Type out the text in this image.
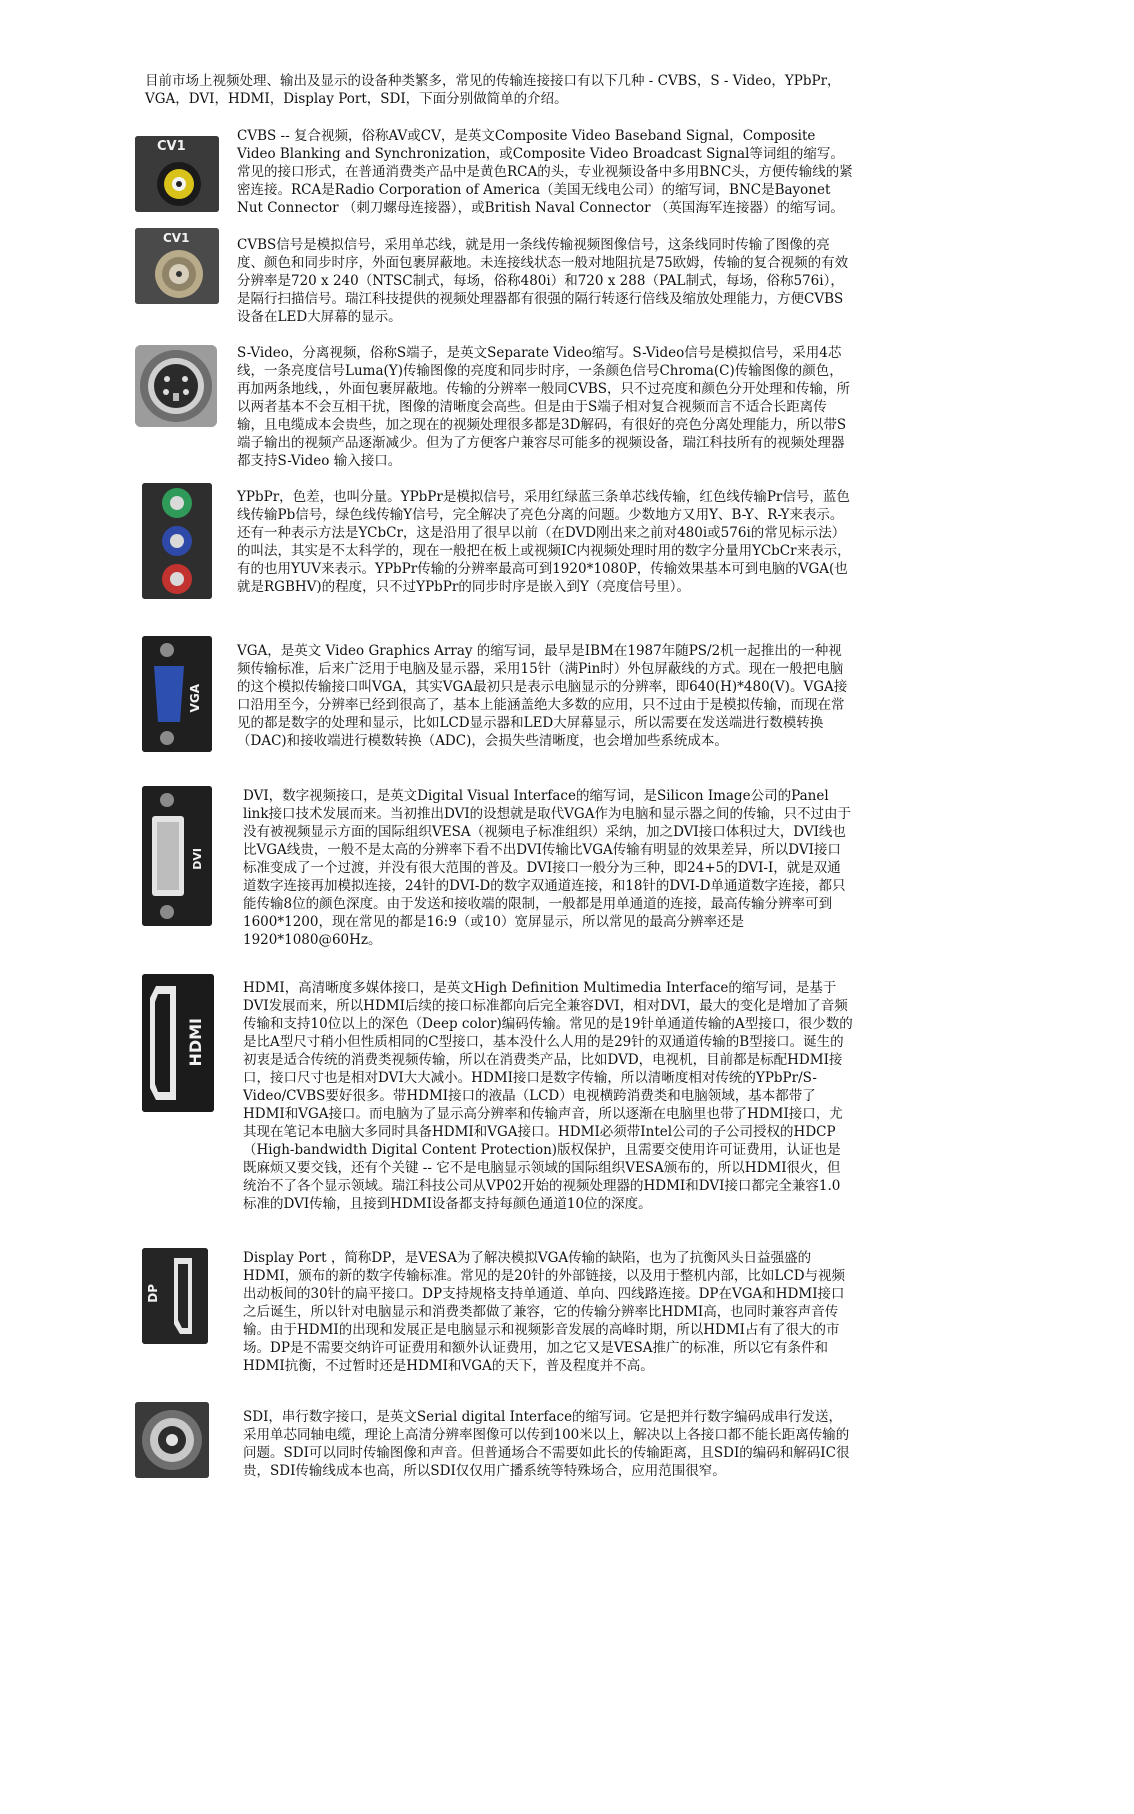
目前市场上视频处理、输出及显示的设备种类繁多，常见的传输连接接口有以下几种 - CVBS，S - Video，YPbPr，VGA，DVI，HDMI，Display Port，SDI，下面分别做简单的介绍。

CV1
CV1

CVBS -- 复合视频，俗称AV或CV，是英文Composite Video Baseband Signal，Composite Video Blanking and Synchronization，或Composite Video Broadcast Signal等词组的缩写。常见的接口形式，在普通消费类产品中是黄色RCA的头，专业视频设备中多用BNC头，方便传输线的紧密连接。RCA是Radio Corporation of America（美国无线电公司）的缩写词，BNC是Bayonet Nut Connector （刺刀螺母连接器），或British Naval Connector （英国海军连接器）的缩写词。

CVBS信号是模拟信号，采用单芯线，就是用一条线传输视频图像信号，这条线同时传输了图像的亮度、颜色和同步时序，外面包裹屏蔽地。未连接线状态一般对地阻抗是75欧姆，传输的复合视频的有效分辨率是720 x 240（NTSC制式，每场，俗称480i）和720 x 288（PAL制式，每场，俗称576i），是隔行扫描信号。瑞江科技提供的视频处理器都有很强的隔行转逐行倍线及缩放处理能力，方便CVBS设备在LED大屏幕的显示。

S-Video，分离视频，俗称S端子，是英文Separate Video缩写。S-Video信号是模拟信号，采用4芯线，一条亮度信号Luma(Y)传输图像的亮度和同步时序，一条颜色信号Chroma(C)传输图像的颜色，再加两条地线，，外面包裹屏蔽地。传输的分辨率一般同CVBS，只不过亮度和颜色分开处理和传输，所以两者基本不会互相干扰，图像的清晰度会高些。但是由于S端子相对复合视频而言不适合长距离传输，且电缆成本会贵些，加之现在的视频处理很多都是3D解码，有很好的亮色分离处理能力，所以带S端子输出的视频产品逐渐减少。但为了方便客户兼容尽可能多的视频设备，瑞江科技所有的视频处理器都支持S-Video 输入接口。

YPbPr，色差，也叫分量。YPbPr是模拟信号，采用红绿蓝三条单芯线传输，红色线传输Pr信号，蓝色线传输Pb信号，绿色线传输Y信号，完全解决了亮色分离的问题。少数地方又用Y、B-Y、R-Y来表示。还有一种表示方法是YCbCr，这是沿用了很早以前（在DVD刚出来之前对480i或576i的常见标示法）的叫法，其实是不太科学的，现在一般把在板上或视频IC内视频处理时用的数字分量用YCbCr来表示，有的也用YUV来表示。YPbPr传输的分辨率最高可到1920*1080P，传输效果基本可到电脑的VGA(也就是RGBHV)的程度，只不过YPbPr的同步时序是嵌入到Y（亮度信号里）。

VGA

VGA，是英文 Video Graphics Array 的缩写词，最早是IBM在1987年随PS/2机一起推出的一种视频传输标准，后来广泛用于电脑及显示器，采用15针（满Pin时）外包屏蔽线的方式。现在一般把电脑的这个模拟传输接口叫VGA，其实VGA最初只是表示电脑显示的分辨率，即640(H)*480(V)。VGA接口沿用至今，分辨率已经到很高了，基本上能涵盖绝大多数的应用，只不过由于是模拟传输，而现在常见的都是数字的处理和显示，比如LCD显示器和LED大屏幕显示，所以需要在发送端进行数模转换（DAC)和接收端进行模数转换（ADC)，会损失些清晰度，也会增加些系统成本。

DVI

DVI，数字视频接口，是英文Digital Visual Interface的缩写词，是Silicon Image公司的Panel link接口技术发展而来。当初推出DVI的设想就是取代VGA作为电脑和显示器之间的传输，只不过由于没有被视频显示方面的国际组织VESA（视频电子标准组织）采纳，加之DVI接口体积过大，DVI线也比VGA线贵，一般不是太高的分辨率下看不出DVI传输比VGA传输有明显的效果差异，所以DVI接口标准变成了一个过渡，并没有很大范围的普及。DVI接口一般分为三种，即24+5的DVI-I，就是双通道数字连接再加模拟连接，24针的DVI-D的数字双通道连接，和18针的DVI-D单通道数字连接，都只能传输8位的颜色深度。由于发送和接收端的限制，一般都是用单通道的连接，最高传输分辨率可到1600*1200，现在常见的都是16:9（或10）宽屏显示，所以常见的最高分辨率还是1920*1080@60Hz。

HDMI

HDMI，高清晰度多媒体接口，是英文High Definition Multimedia Interface的缩写词，是基于DVI发展而来，所以HDMI后续的接口标准都向后完全兼容DVI，相对DVI，最大的变化是增加了音频传输和支持10位以上的深色（Deep color)编码传输。常见的是19针单通道传输的A型接口，很少数的是比A型尺寸稍小但性质相同的C型接口，基本没什么人用的是29针的双通道传输的B型接口。诞生的初衷是适合传统的消费类视频传输，所以在消费类产品，比如DVD，电视机，目前都是标配HDMI接口，接口尺寸也是相对DVI大大减小。HDMI接口是数字传输，所以清晰度相对传统的YPbPr/S-Video/CVBS要好很多。带HDMI接口的液晶（LCD）电视横跨消费类和电脑领域，基本都带了HDMI和VGA接口。而电脑为了显示高分辨率和传输声音，所以逐渐在电脑里也带了HDMI接口，尤其现在笔记本电脑大多同时具备HDMI和VGA接口。HDMI必须带Intel公司的子公司授权的HDCP（High-bandwidth Digital Content Protection)版权保护，且需要交使用许可证费用，认证也是既麻烦又要交钱，还有个关键 -- 它不是电脑显示领域的国际组织VESA颁布的，所以HDMI很火，但统治不了各个显示领域。瑞江科技公司从VP02开始的视频处理器的HDMI和DVI接口都完全兼容1.0标准的DVI传输，且接到HDMI设备都支持每颜色通道10位的深度。

DP

Display Port ，简称DP，是VESA为了解决模拟VGA传输的缺陷，也为了抗衡风头日益强盛的HDMI，颁布的新的数字传输标准。常见的是20针的外部链接，以及用于整机内部，比如LCD与视频出动板间的30针的扁平接口。DP支持规格支持单通道、单向、四线路连接。DP在VGA和HDMI接口之后诞生，所以针对电脑显示和消费类都做了兼容，它的传输分辨率比HDMI高，也同时兼容声音传输。由于HDMI的出现和发展正是电脑显示和视频影音发展的高峰时期，所以HDMI占有了很大的市场。DP是不需要交纳许可证费用和额外认证费用，加之它又是VESA推广的标准，所以它有条件和HDMI抗衡，不过暂时还是HDMI和VGA的天下，普及程度并不高。

SDI，串行数字接口，是英文Serial digital Interface的缩写词。它是把并行数字编码成串行发送，采用单芯同轴电缆，理论上高清分辨率图像可以传到100米以上，解决以上各接口都不能长距离传输的问题。SDI可以同时传输图像和声音。但普通场合不需要如此长的传输距离，且SDI的编码和解码IC很贵，SDI传输线成本也高，所以SDI仅仅用广播系统等特殊场合，应用范围很窄。
